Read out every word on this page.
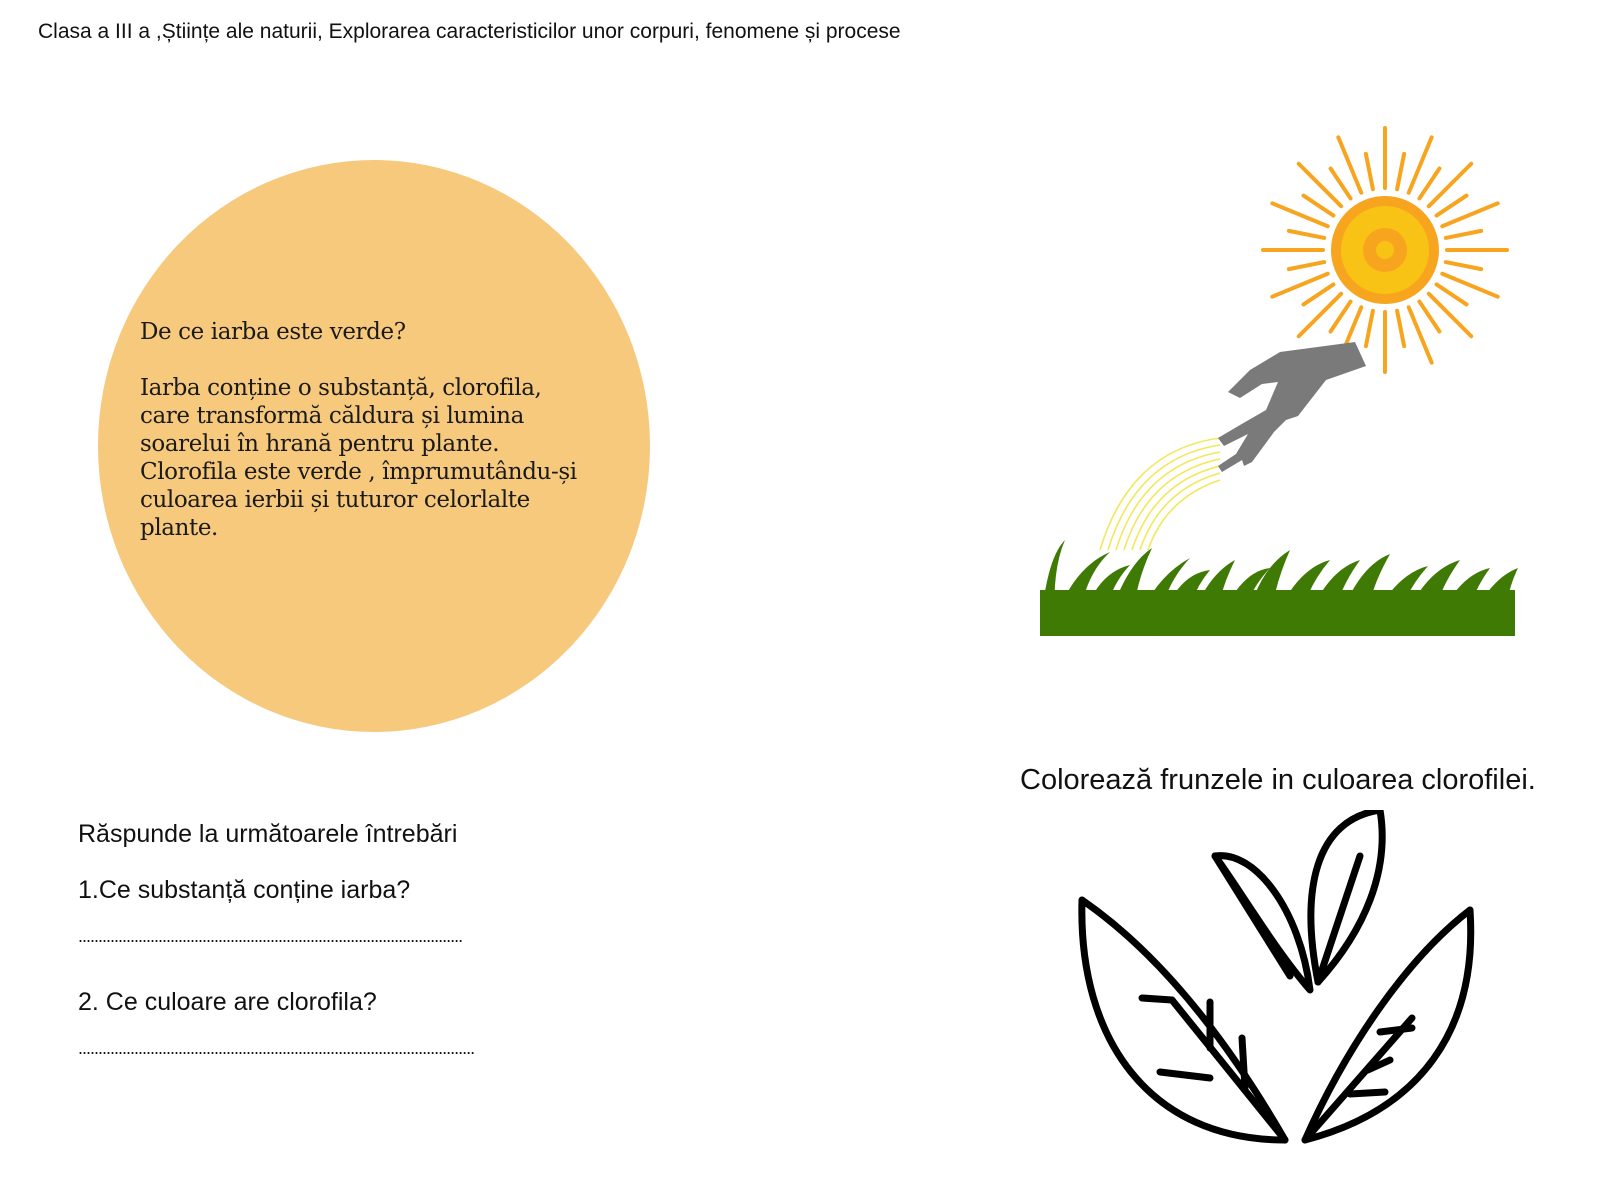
Clasa a III a ,Științe ale naturii, Explorarea caracteristicilor unor corpuri, fenomene și procese

De ce iarba este verde?

Iarba conține o substanță, clorofila,

care transformă căldura și lumina

soarelui în hrană pentru plante.

Clorofila este verde , împrumutându-și

culoarea ierbii și tuturor celorlalte

plante.

Colorează frunzele in culoarea clorofilei.
Răspunde la următoarele întrebări
1.Ce substanță conține iarba?
................................................................................................
2. Ce culoare are clorofila?
...................................................................................................
